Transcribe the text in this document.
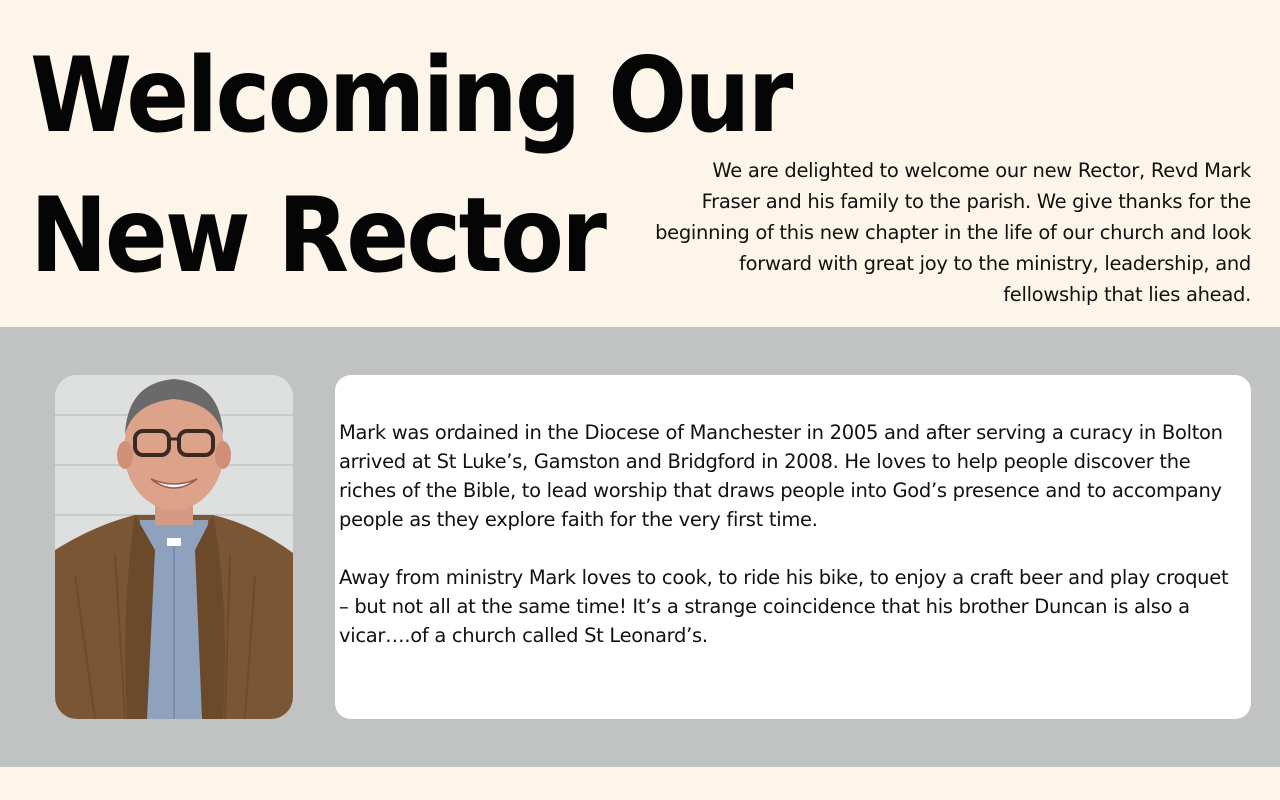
Welcoming Our
New Rector

We are delighted to welcome our new Rector, Revd Mark Fraser and his family to the parish. We give thanks for the beginning of this new chapter in the life of our church and look forward with great joy to the ministry, leadership, and fellowship that lies ahead.

Mark was ordained in the Diocese of Manchester in 2005 and after serving a curacy in Bolton arrived at St Luke’s, Gamston and Bridgford in 2008. He loves to help people discover the riches of the Bible, to lead worship that draws people into God’s presence and to accompany people as they explore faith for the very first time.

Away from ministry Mark loves to cook, to ride his bike, to enjoy a craft beer and play croquet – but not all at the same time! It’s a strange coincidence that his brother Duncan is also a vicar….of a church called St Leonard’s.
